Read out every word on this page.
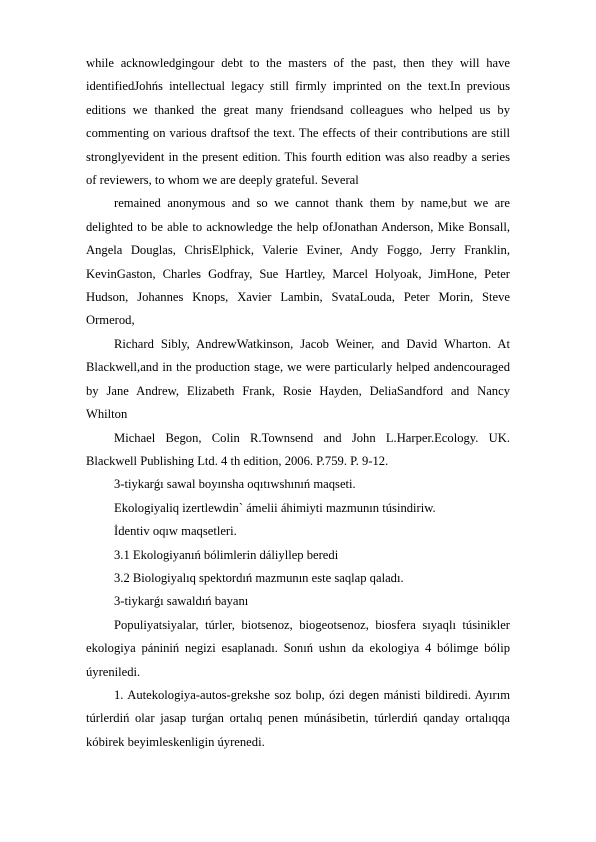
while acknowledgingour debt to the masters of the past, then they will have identifiedJohńs intellectual legacy still firmly imprinted on the text.In previous editions we thanked the great many friendsand colleagues who helped us by commenting on various draftsof the text. The effects of their contributions are still stronglyevident in the present edition. This fourth edition was also readby a series of reviewers, to whom we are deeply grateful. Several

remained anonymous and so we cannot thank them by name,but we are delighted to be able to acknowledge the help ofJonathan Anderson, Mike Bonsall, Angela Douglas, ChrisElphick, Valerie Eviner, Andy Foggo, Jerry Franklin, KevinGaston, Charles Godfray, Sue Hartley, Marcel Holyoak, JimHone, Peter Hudson, Johannes Knops, Xavier Lambin, SvataLouda, Peter Morin, Steve Ormerod,

Richard Sibly, AndrewWatkinson, Jacob Weiner, and David Wharton. At Blackwell,and in the production stage, we were particularly helped andencouraged by Jane Andrew, Elizabeth Frank, Rosie Hayden, DeliaSandford and Nancy Whilton

Michael Begon, Colin R.Townsend and John L.Harper.Ecology. UK. Blackwell Publishing Ltd. 4 th edition, 2006. P.759. P. 9-12.

3-tiykarǵı sawal boyınsha oqıtıwshınıń maqseti.

Ekologiyaliq izertlewdin` ámelii áhimiyti mazmunın túsindiriw.

İdentiv oqıw maqsetleri.

3.1 Ekologiyanıń bólimlerin dáliyllep beredi

3.2 Biologiyalıq spektordıń mazmunın este saqlap qaladı.

3-tiykarǵı sawaldıń bayanı

Populiyatsiyalar, túrler, biotsenoz, biogeotsenoz, biosfera sıyaqlı túsinikler ekologiya pániniń negizi esaplanadı. Sonıń ushın da ekologiya 4 bólimge bólip úyreniledi.

1. Autekologiya-autos-grekshe soz bolıp, ózi degen mánisti bildiredi. Ayırım túrlerdiń olar jasap turǵan ortalıq penen múnásibetin, túrlerdiń qanday ortalıqqa kóbirek beyimleskenligin úyrenedi.
